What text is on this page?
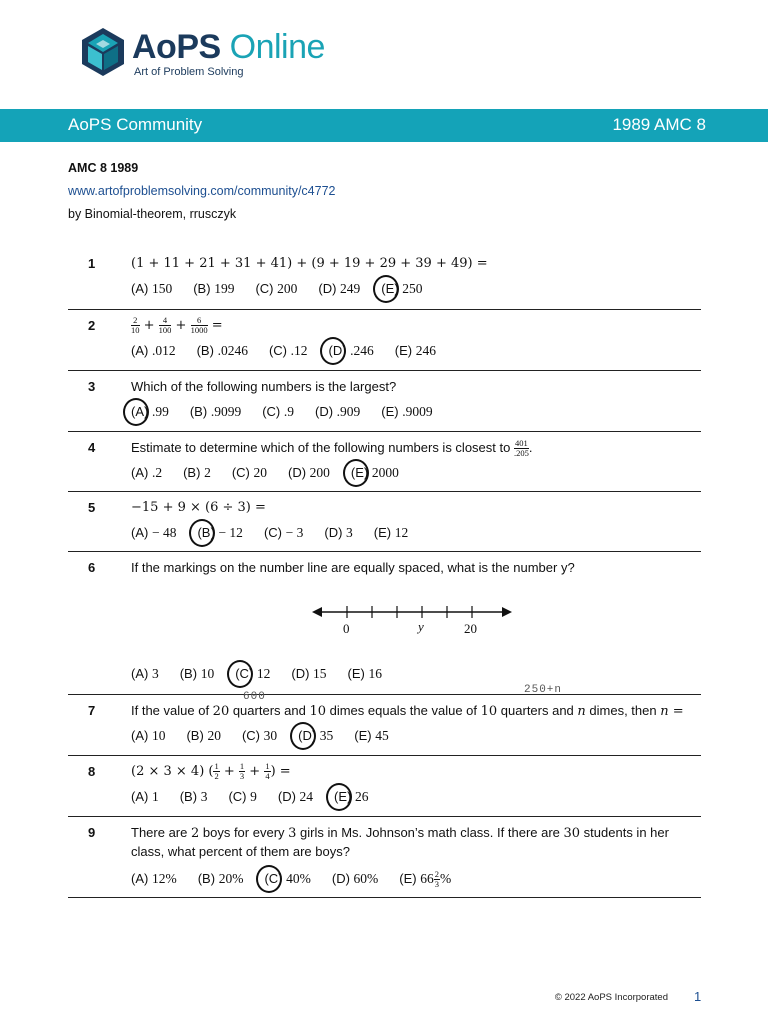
AoPS Online
Art of Problem Solving
AoPS Community	1989 AMC 8
AMC 8 1989
www.artofproblemsolving.com/community/c4772
by Binomial-theorem, rrusczyk
1	(1 + 11 + 21 + 31 + 41) + (9 + 19 + 29 + 39 + 49) =
(A) 150 (B) 199 (C) 200 (D) 249 (E) 250
2	$\frac{2}{10} + \frac{4}{100} + \frac{6}{1000}$ =
(A) .012 (B) .0246 (C) .12 (D) .246 (E) 246
3	Which of the following numbers is the largest?
(A) .99 (B) .9099 (C) .9 (D) .909 (E) .9009
4	Estimate to determine which of the following numbers is closest to $\frac{401}{.205}$ .
(A) .2 (B) 2 (C) 20 (D) 200 (E) 2000
5	−15 + 9 × (6 ÷ 3) =
(A) − 48 (B) − 12 (C) − 3 (D) 3 (E) 12
6	If the markings on the number line are equally spaced, what is the number y?
(A) 3 (B) 10 (C) 12 (D) 15 (E) 16
7	If the value of 20 quarters and 10 dimes equals the value of 10 quarters and n dimes, then n =
(A) 10 (B) 20 (C) 30 (D) 35 (E) 45
8	(2 × 3 × 4) ( $\frac{1}{2} + \frac{1}{3} + \frac{1}{4}$ ) =
(A) 1 (B) 3 (C) 9 (D) 24 (E) 26
9	There are 2 boys for every 3 girls in Ms. Johnson’s math class. If there are 30 students in her class, what percent of them are boys?
(A) 12% (B) 20% (C) 40% (D) 60% (E) $66 \frac{2}{3}$ %
0	y	20
600
250+n
© 2022 AoPS Incorporated 1
